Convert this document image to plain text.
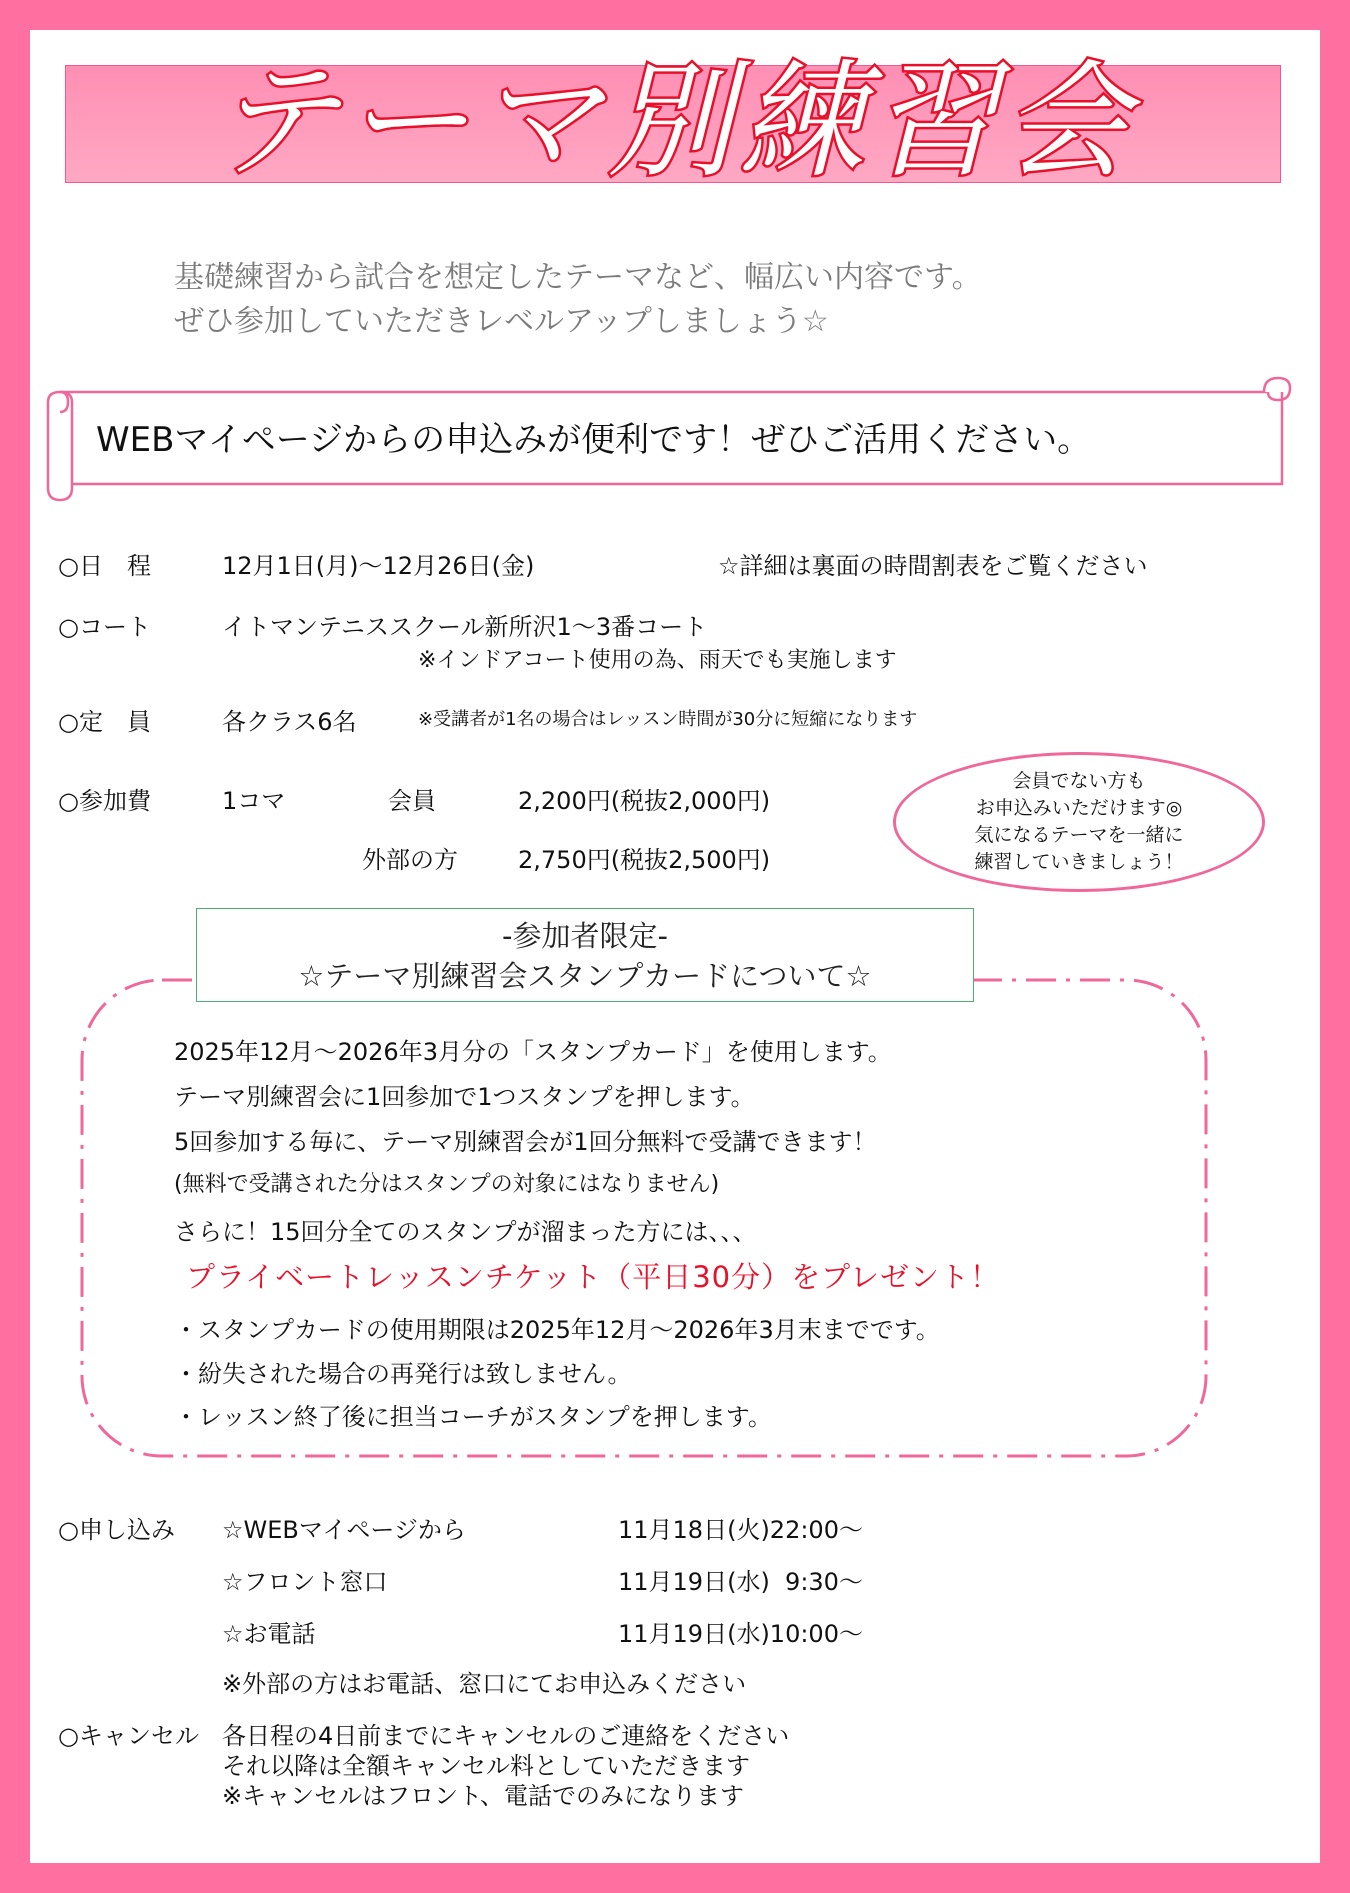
テーマ別練習会
基礎練習から試合を想定したテーマなど、幅広い内容です。
ぜひ参加していただきレベルアップしましょう☆
WEBマイページからの申込みが便利です！ぜひご活用ください。
○日　程	12月1日(月)～12月26日(金)	☆詳細は裏面の時間割表をご覧ください
○コート	イトマンテニススクール新所沢1～3番コート
※インドアコート使用の為、雨天でも実施します
○定　員	各クラス6名	※受講者が1名の場合はレッスン時間が30分に短縮になります
○参加費	1コマ	会員	2,200円(税抜2,000円)
外部の方	2,750円(税抜2,500円)
会員でない方も
お申込みいただけます◎
気になるテーマを一緒に
練習していきましょう！
-参加者限定-
☆テーマ別練習会スタンプカードについて☆
2025年12月～2026年3月分の「スタンプカード」を使用します。
テーマ別練習会に1回参加で1つスタンプを押します。
5回参加する毎に、テーマ別練習会が1回分無料で受講できます！
(無料で受講された分はスタンプの対象にはなりません)
さらに！15回分全てのスタンプが溜まった方には、、、
プライベートレッスンチケット（平日30分）をプレゼント！
・スタンプカードの使用期限は2025年12月～2026年3月末までです。
・紛失された場合の再発行は致しません。
・レッスン終了後に担当コーチがスタンプを押します。
○申し込み ☆WEBマイページから	11月18日(火)22:00～
☆フロント窓口	11月19日(水)  9:30～
☆お電話	11月19日(水)10:00～
※外部の方はお電話、窓口にてお申込みください
○キャンセル 各日程の4日前までにキャンセルのご連絡をください
それ以降は全額キャンセル料としていただきます
※キャンセルはフロント、電話でのみになります
